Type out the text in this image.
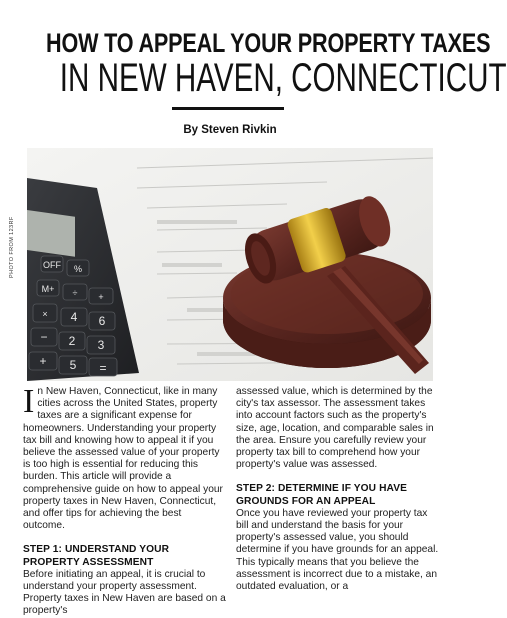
HOW TO APPEAL YOUR PROPERTY TAXES
IN NEW HAVEN, CONNECTICUT
By Steven Rivkin
PHOTO FROM 123RF	OFF %
M+ ÷ +
× 4 6
− 2 3
+ 5 =

In New Haven, Connecticut, like in many cities across the United States, property taxes are a significant expense for homeowners. Understanding your property tax bill and knowing how to appeal it if you believe the assessed value of your property is too high is essential for reducing this burden. This article will provide a comprehensive guide on how to appeal your property taxes in New Haven, Connecticut, and offer tips for achieving the best outcome.

STEP 1: UNDERSTAND YOUR PROPERTY ASSESSMENT

Before initiating an appeal, it is crucial to understand your property assessment. Property taxes in New Haven are based on a property's

assessed value, which is determined by the city's tax assessor. The assessment takes into account factors such as the property's size, age, location, and comparable sales in the area. Ensure you carefully review your property tax bill to comprehend how your property's value was assessed.

STEP 2: DETERMINE IF YOU HAVE GROUNDS FOR AN APPEAL

Once you have reviewed your property tax bill and understand the basis for your property's assessed value, you should determine if you have grounds for an appeal. This typically means that you believe the assessment is incorrect due to a mistake, an outdated evaluation, or a
